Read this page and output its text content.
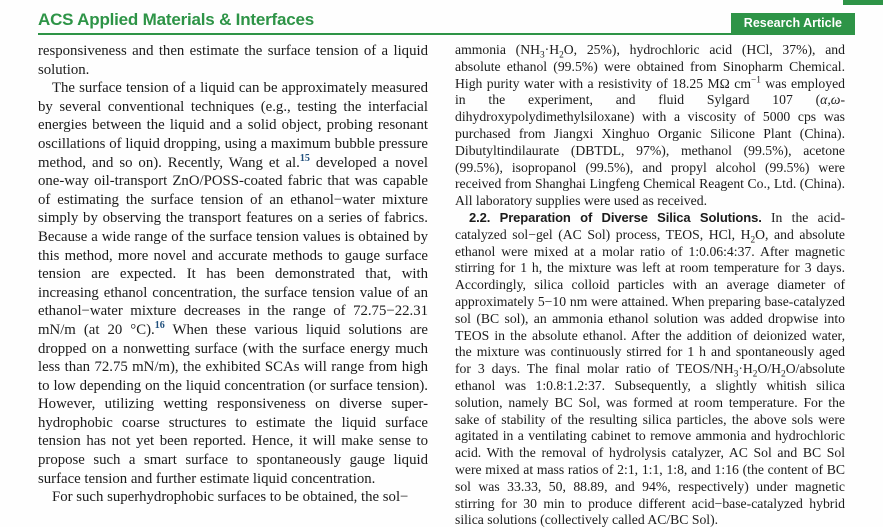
ACS Applied Materials & Interfaces	Research Article

responsiveness and then estimate the surface tension of a liquid solution.

The surface tension of a liquid can be approximately measured by several conventional techniques (e.g., testing the interfacial energies between the liquid and a solid object, probing resonant oscillations of liquid dropping, using a maximum bubble pressure method, and so on). Recently, Wang et al.$^{15}$ developed a novel one-way oil-transport ZnO/POSS-coated fabric that was capable of estimating the surface tension of an ethanol−water mixture simply by observing the transport features on a series of fabrics. Because a wide range of the surface tension values is obtained by this method, more novel and accurate methods to gauge surface tension are expected. It has been demonstrated that, with increasing ethanol concentration, the surface tension value of an ethanol−water mixture decreases in the range of 72.75−22.31 mN/m (at 20 °C).$^{16}$ When these various liquid solutions are dropped on a nonwetting surface (with the surface energy much less than 72.75 mN/m), the exhibited SCAs will range from high to low depending on the liquid concentration (or surface tension). However, utilizing wetting responsiveness on diverse super-hydrophobic coarse structures to estimate the liquid surface tension has not yet been reported. Hence, it will make sense to propose such a smart surface to spontaneously gauge liquid surface tension and further estimate liquid concentration.

For such superhydrophobic surfaces to be obtained, the sol−

ammonia ($NH_3\cdot H_2O$, 25%), hydrochloric acid (HCl, 37%), and absolute ethanol (99.5%) were obtained from Sinopharm Chemical. High purity water with a resistivity of 18.25 MΩ $cm^{-1}$ was employed in the experiment, and fluid Sylgard 107 (α,ω-dihydroxypolydimethylsiloxane) with a viscosity of 5000 cps was purchased from Jiangxi Xinghuo Organic Silicone Plant (China). Dibutyltindilaurate (DBTDL, 97%), methanol (99.5%), acetone (99.5%), isopropanol (99.5%), and propyl alcohol (99.5%) were received from Shanghai Lingfeng Chemical Reagent Co., Ltd. (China). All laboratory supplies were used as received.

2.2. Preparation of Diverse Silica Solutions. In the acid-catalyzed sol−gel (AC Sol) process, TEOS, HCl, $H_2O$, and absolute ethanol were mixed at a molar ratio of 1:0.06:4:37. After magnetic stirring for 1 h, the mixture was left at room temperature for 3 days. Accordingly, silica colloid particles with an average diameter of approximately 5−10 nm were attained. When preparing base-catalyzed sol (BC sol), an ammonia ethanol solution was added dropwise into TEOS in the absolute ethanol. After the addition of deionized water, the mixture was continuously stirred for 1 h and spontaneously aged for 3 days. The final molar ratio of TEOS/$NH_3\cdot H_2O/H_2O$/absolute ethanol was 1:0.8:1.2:37. Subsequently, a slightly whitish silica solution, namely BC Sol, was formed at room temperature. For the sake of stability of the resulting silica particles, the above sols were agitated in a ventilating cabinet to remove ammonia and hydrochloric acid. With the removal of hydrolysis catalyzer, AC Sol and BC Sol were mixed at mass ratios of 2:1, 1:1, 1:8, and 1:16 (the content of BC sol was 33.33, 50, 88.89, and 94%, respectively) under magnetic stirring for 30 min to produce different acid−base-catalyzed hybrid silica solutions (collectively called AC/BC Sol).
